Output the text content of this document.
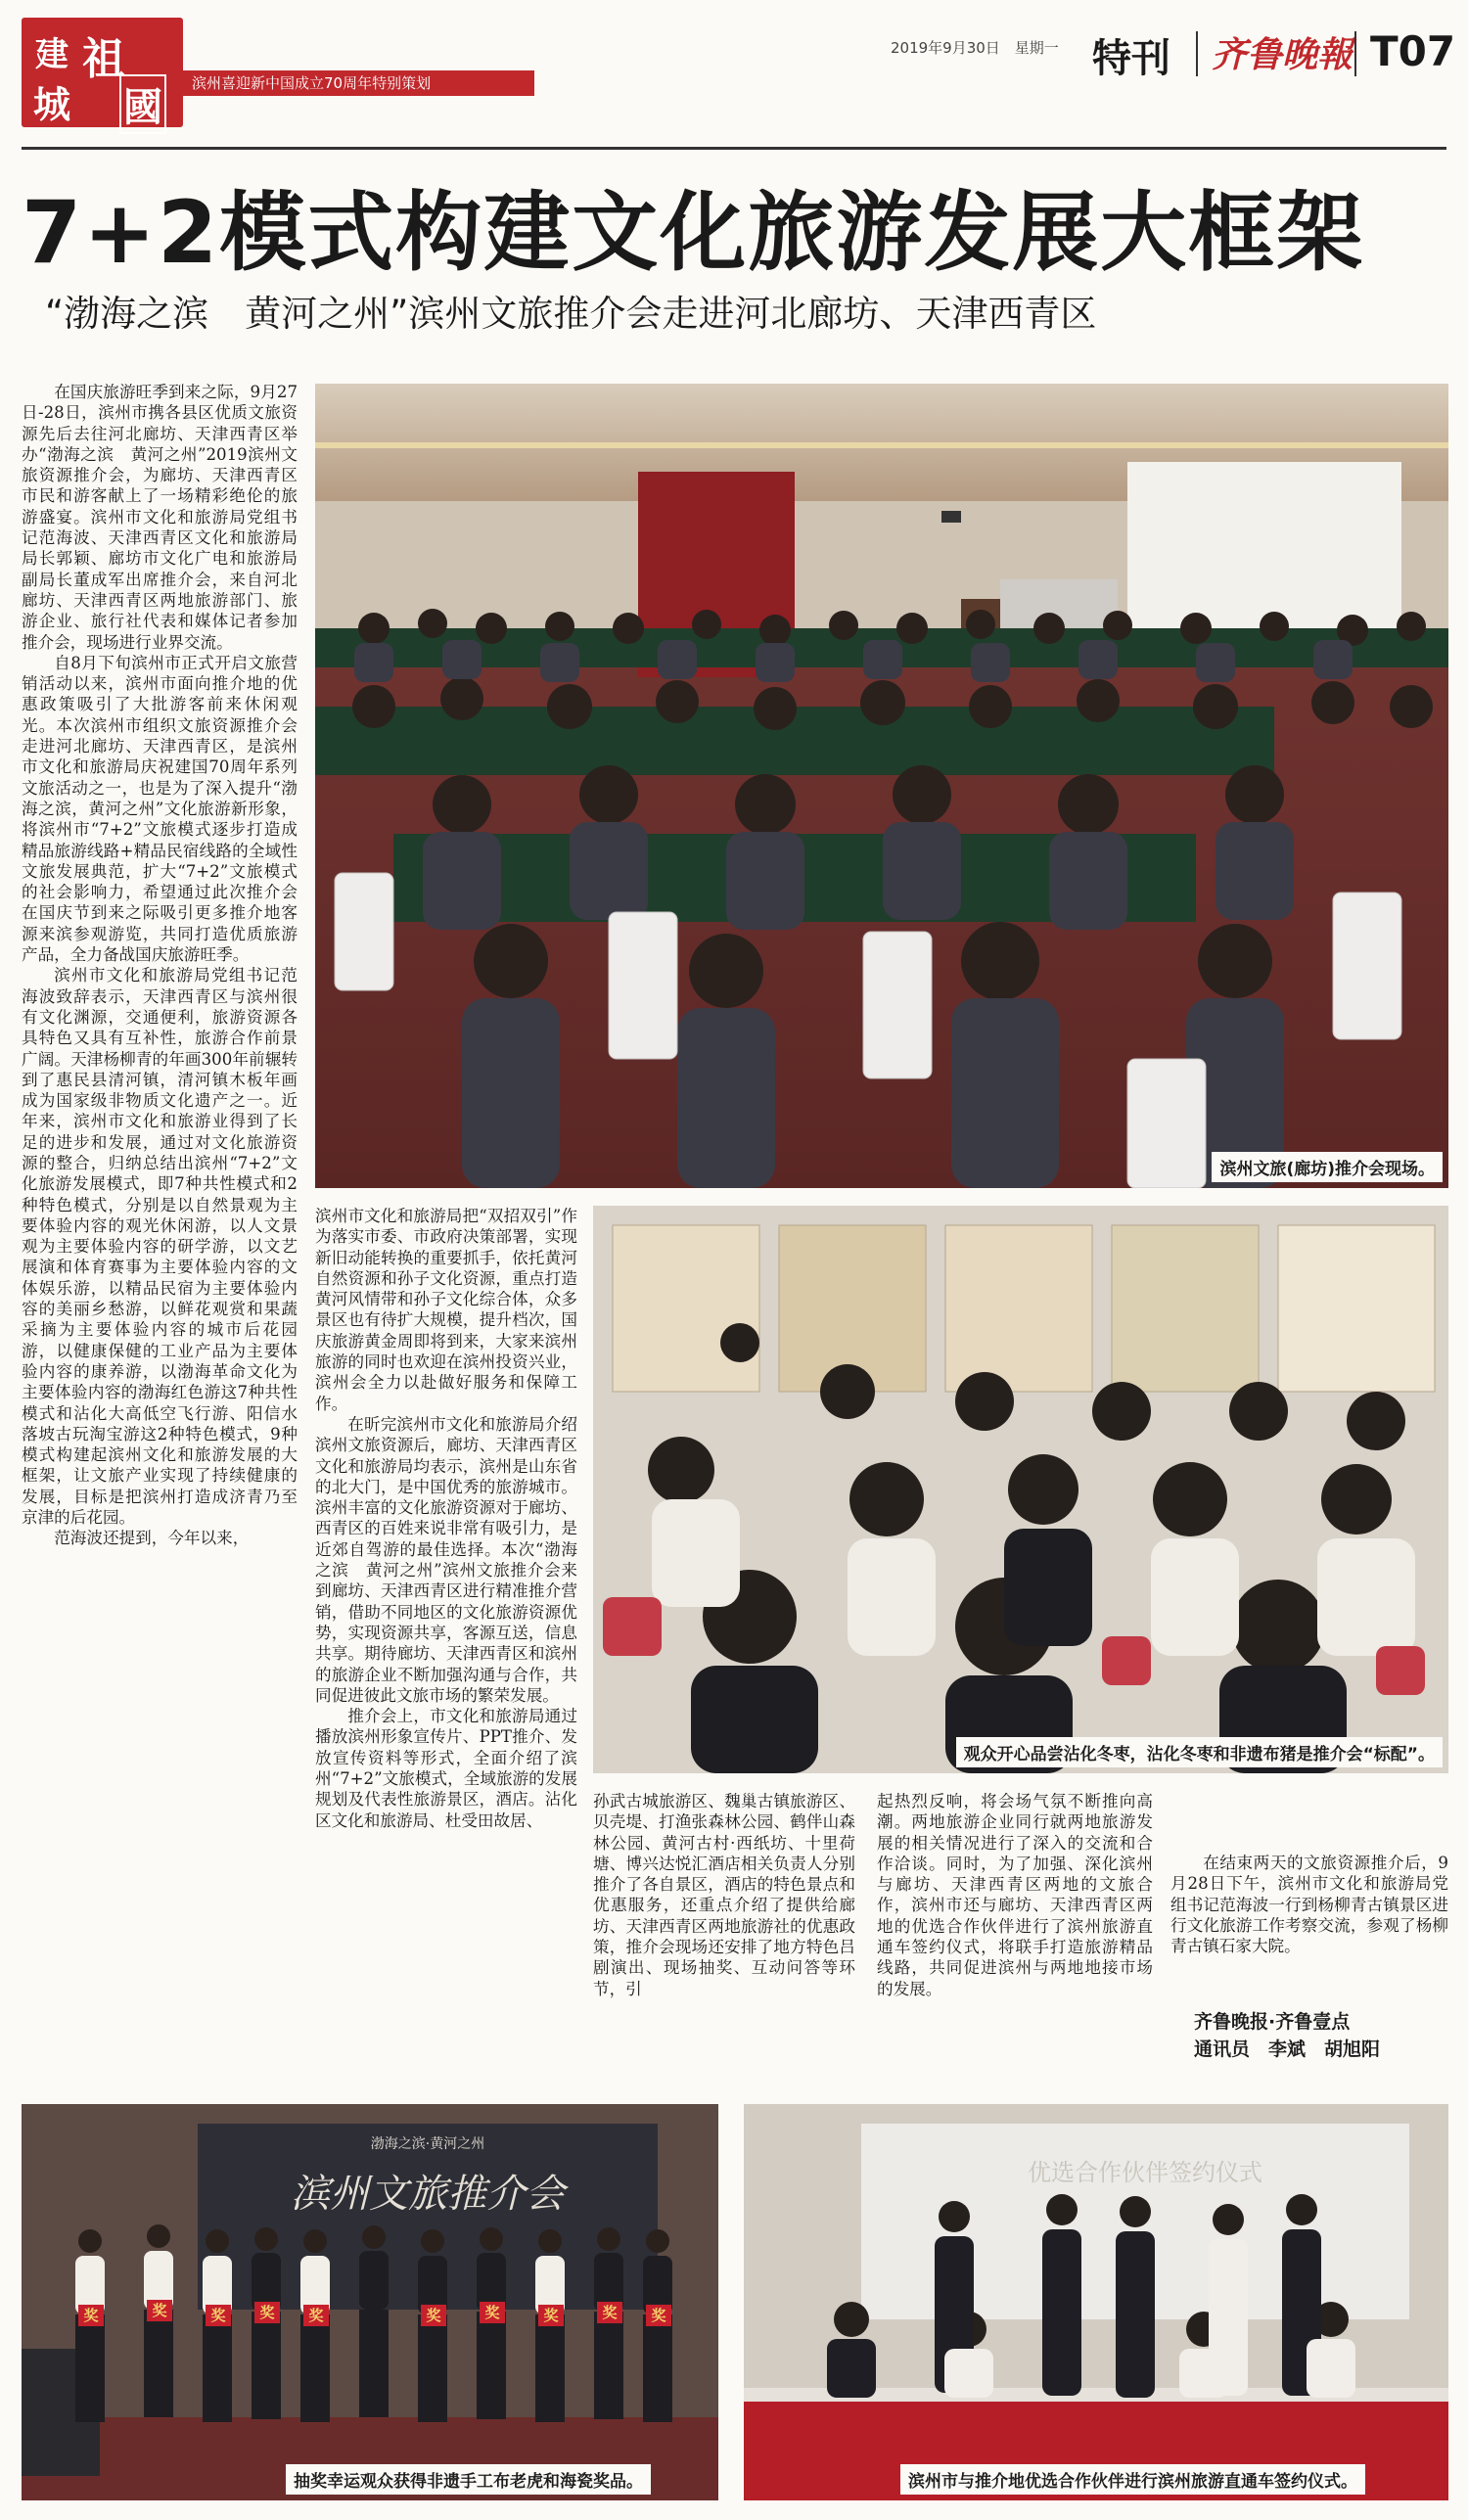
建 祖
城 國
滨州喜迎新中国成立70周年特别策划
2019年9月30日　星期一 特刊 齐鲁晚報 T07
7+2模式构建文化旅游发展大框架
“渤海之滨　黄河之州”滨州文旅推介会走进河北廊坊、天津西青区

在国庆旅游旺季到来之际，9月27日-28日，滨州市携各县区优质文旅资源先后去往河北廊坊、天津西青区举办“渤海之滨　黄河之州”2019滨州文旅资源推介会，为廊坊、天津西青区市民和游客献上了一场精彩绝伦的旅游盛宴。滨州市文化和旅游局党组书记范海波、天津西青区文化和旅游局局长郭颖、廊坊市文化广电和旅游局副局长董成军出席推介会，来自河北廊坊、天津西青区两地旅游部门、旅游企业、旅行社代表和媒体记者参加推介会，现场进行业界交流。

自8月下旬滨州市正式开启文旅营销活动以来，滨州市面向推介地的优惠政策吸引了大批游客前来休闲观光。本次滨州市组织文旅资源推介会走进河北廊坊、天津西青区，是滨州市文化和旅游局庆祝建国70周年系列文旅活动之一，也是为了深入提升“渤海之滨，黄河之州”文化旅游新形象，将滨州市“7+2”文旅模式逐步打造成精品旅游线路+精品民宿线路的全域性文旅发展典范，扩大“7+2”文旅模式的社会影响力，希望通过此次推介会在国庆节到来之际吸引更多推介地客源来滨参观游览，共同打造优质旅游产品，全力备战国庆旅游旺季。

滨州市文化和旅游局党组书记范海波致辞表示，天津西青区与滨州很有文化渊源，交通便利，旅游资源各具特色又具有互补性，旅游合作前景广阔。天津杨柳青的年画300年前辗转到了惠民县清河镇，清河镇木板年画成为国家级非物质文化遗产之一。近年来，滨州市文化和旅游业得到了长足的进步和发展，通过对文化旅游资源的整合，归纳总结出滨州“7+2”文化旅游发展模式，即7种共性模式和2种特色模式，分别是以自然景观为主要体验内容的观光休闲游，以人文景观为主要体验内容的研学游，以文艺展演和体育赛事为主要体验内容的文体娱乐游，以精品民宿为主要体验内容的美丽乡愁游，以鲜花观赏和果蔬采摘为主要体验内容的城市后花园游，以健康保健的工业产品为主要体验内容的康养游，以渤海革命文化为主要体验内容的渤海红色游这7种共性模式和沾化大高低空飞行游、阳信水落坡古玩淘宝游这2种特色模式，9种模式构建起滨州文化和旅游发展的大框架，让文旅产业实现了持续健康的发展，目标是把滨州打造成济青乃至京津的后花园。

范海波还提到，今年以来，

滨州文旅(廊坊)推介会现场。

滨州市文化和旅游局把“双招双引”作为落实市委、市政府决策部署，实现新旧动能转换的重要抓手，依托黄河自然资源和孙子文化资源，重点打造黄河风情带和孙子文化综合体，众多景区也有待扩大规模，提升档次，国庆旅游黄金周即将到来，大家来滨州旅游的同时也欢迎在滨州投资兴业，滨州会全力以赴做好服务和保障工作。

在昕完滨州市文化和旅游局介绍滨州文旅资源后，廊坊、天津西青区文化和旅游局均表示，滨州是山东省的北大门，是中国优秀的旅游城市。滨州丰富的文化旅游资源对于廊坊、西青区的百姓来说非常有吸引力，是近郊自驾游的最佳选择。本次“渤海之滨　黄河之州”滨州文旅推介会来到廊坊、天津西青区进行精准推介营销，借助不同地区的文化旅游资源优势，实现资源共享，客源互送，信息共享。期待廊坊、天津西青区和滨州的旅游企业不断加强沟通与合作，共同促进彼此文旅市场的繁荣发展。

推介会上，市文化和旅游局通过播放滨州形象宣传片、PPT推介、发放宣传资料等形式，全面介绍了滨州“7+2”文旅模式，全域旅游的发展规划及代表性旅游景区，酒店。沾化区文化和旅游局、杜受田故居、

观众开心品尝沾化冬枣，沾化冬枣和非遗布猪是推介会“标配”。

孙武古城旅游区、魏巢古镇旅游区、贝壳堤、打渔张森林公园、鹤伴山森林公园、黄河古村·西纸坊、十里荷塘、博兴达悦汇酒店相关负责人分别推介了各自景区，酒店的特色景点和优惠服务，还重点介绍了提供给廊坊、天津西青区两地旅游社的优惠政策，推介会现场还安排了地方特色吕剧演出、现场抽奖、互动问答等环节，引

起热烈反响，将会场气氛不断推向高潮。两地旅游企业同行就两地旅游发展的相关情况进行了深入的交流和合作洽谈。同时，为了加强、深化滨州与廊坊、天津西青区两地的文旅合作，滨州市还与廊坊、天津西青区两地的优选合作伙伴进行了滨州旅游直通车签约仪式，将联手打造旅游精品线路，共同促进滨州与两地地接市场的发展。

在结束两天的文旅资源推介后，9月28日下午，滨州市文化和旅游局党组书记范海波一行到杨柳青古镇景区进行文化旅游工作考察交流，参观了杨柳青古镇石家大院。

齐鲁晚报·齐鲁壹点
通讯员　李斌　胡旭阳
滨州文旅推介会
渤海之滨·黄河之州
奖	奖	奖	奖	奖	奖	奖	奖	奖	奖
抽奖幸运观众获得非遗手工布老虎和海瓷奖品。
优选合作伙伴签约仪式
滨州市与推介地优选合作伙伴进行滨州旅游直通车签约仪式。
